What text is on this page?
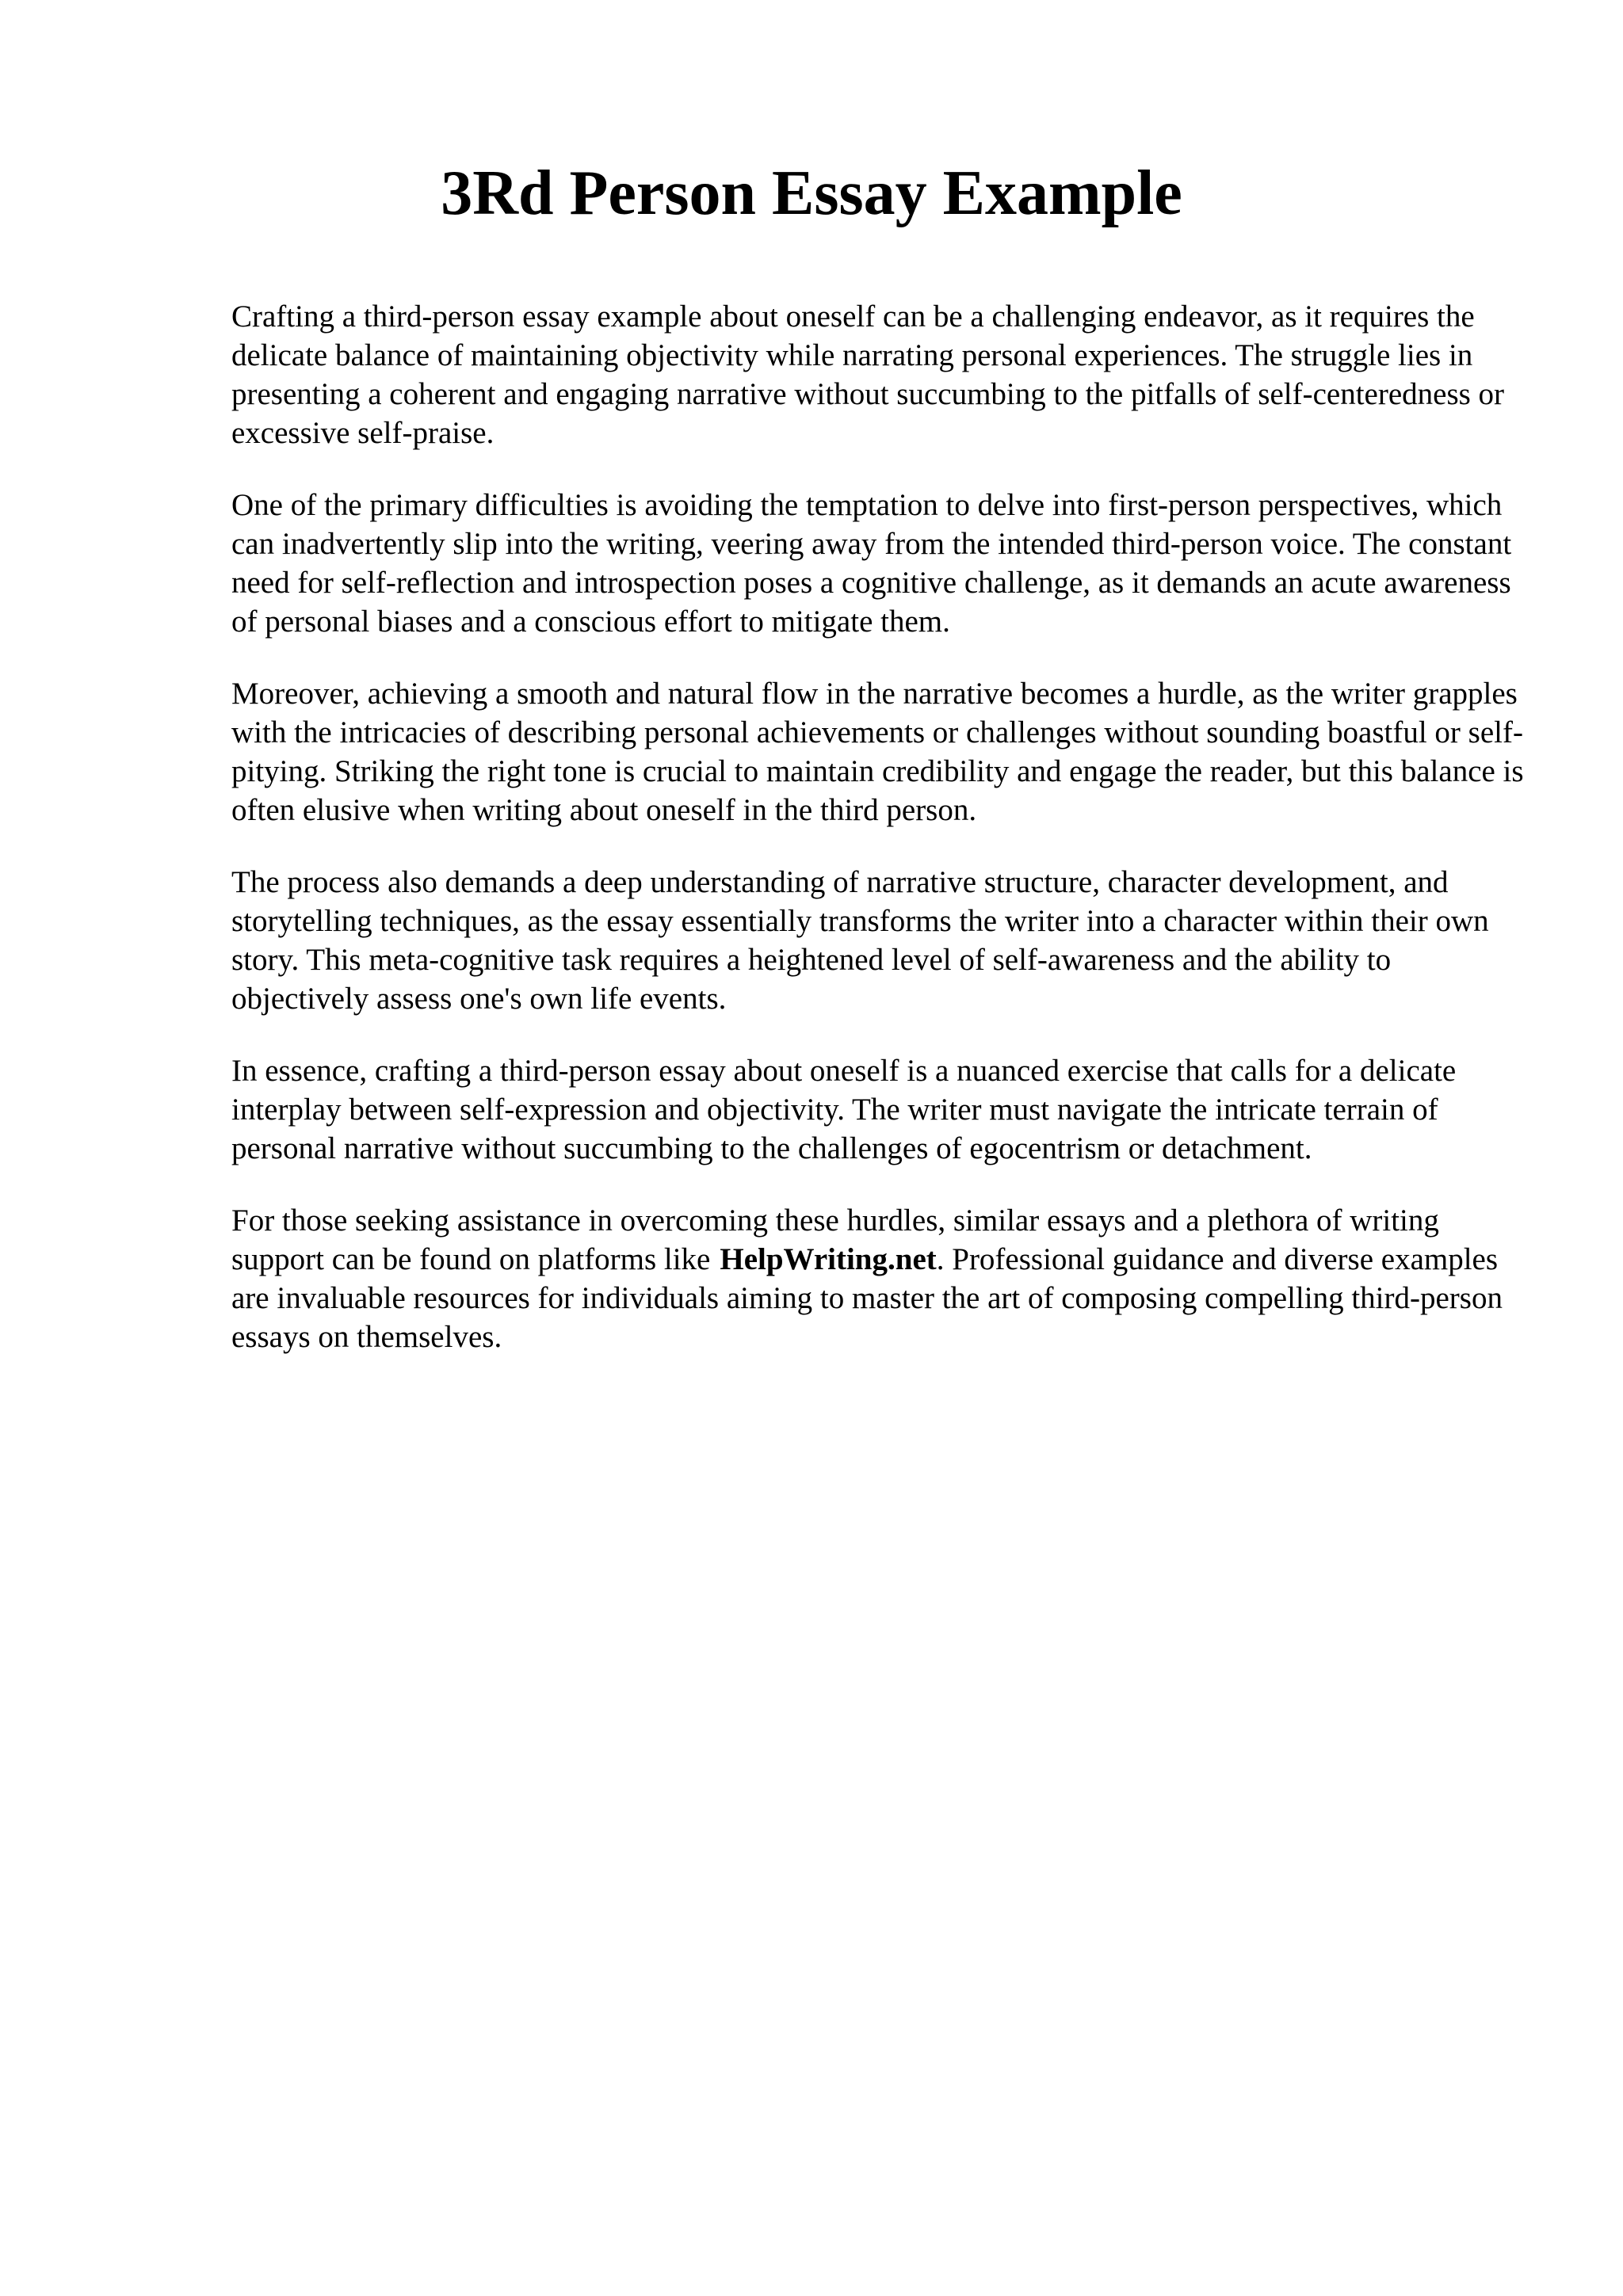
3Rd Person Essay Example

Crafting a third-person essay example about oneself can be a challenging endeavor, as it requires the delicate balance of maintaining objectivity while narrating personal experiences. The struggle lies in presenting a coherent and engaging narrative without succumbing to the pitfalls of self-centeredness or excessive self-praise.

One of the primary difficulties is avoiding the temptation to delve into first-person perspectives, which can inadvertently slip into the writing, veering away from the intended third-person voice. The constant need for self-reflection and introspection poses a cognitive challenge, as it demands an acute awareness of personal biases and a conscious effort to mitigate them.

Moreover, achieving a smooth and natural flow in the narrative becomes a hurdle, as the writer grapples with the intricacies of describing personal achievements or challenges without sounding boastful or self-pitying. Striking the right tone is crucial to maintain credibility and engage the reader, but this balance is often elusive when writing about oneself in the third person.

The process also demands a deep understanding of narrative structure, character development, and storytelling techniques, as the essay essentially transforms the writer into a character within their own story. This meta-cognitive task requires a heightened level of self-awareness and the ability to objectively assess one's own life events.

In essence, crafting a third-person essay about oneself is a nuanced exercise that calls for a delicate interplay between self-expression and objectivity. The writer must navigate the intricate terrain of personal narrative without succumbing to the challenges of egocentrism or detachment.

For those seeking assistance in overcoming these hurdles, similar essays and a plethora of writing support can be found on platforms like HelpWriting.net. Professional guidance and diverse examples are invaluable resources for individuals aiming to master the art of composing compelling third-person essays on themselves.
